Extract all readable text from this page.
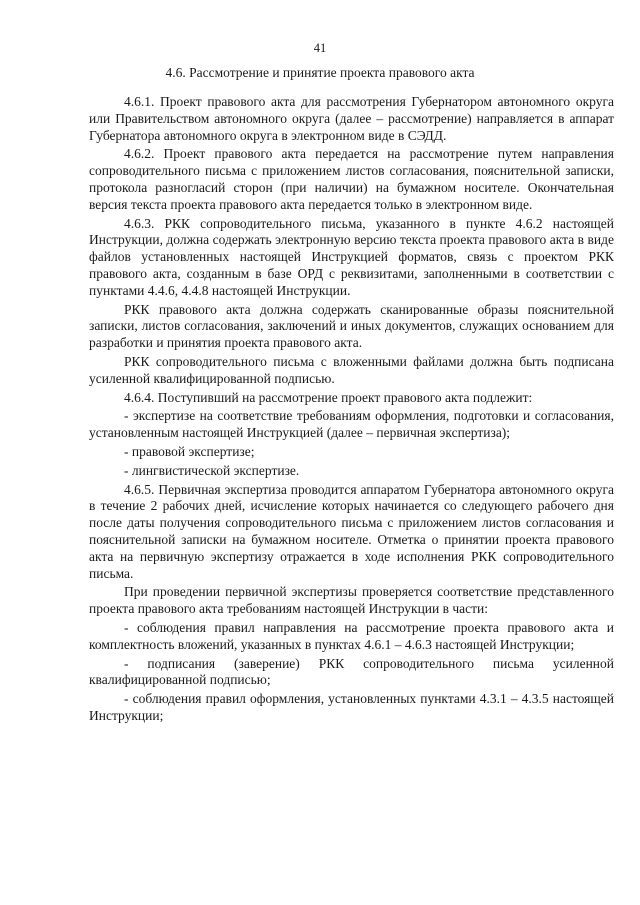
41
4.6. Рассмотрение и принятие проекта правового акта

4.6.1. Проект правового акта для рассмотрения Губернатором автономного округа или Правительством автономного округа (далее – рассмотрение) направляется в аппарат Губернатора автономного округа в электронном виде в СЭДД.

4.6.2. Проект правового акта передается на рассмотрение путем направления сопроводительного письма с приложением листов согласования, пояснительной записки, протокола разногласий сторон (при наличии) на бумажном носителе. Окончательная версия текста проекта правового акта передается только в электронном виде.

4.6.3. РКК сопроводительного письма, указанного в пункте 4.6.2 настоящей Инструкции, должна содержать электронную версию текста проекта правового акта в виде файлов установленных настоящей Инструкцией форматов, связь с проектом РКК правового акта, созданным в базе ОРД с реквизитами, заполненными в соответствии с пунктами 4.4.6, 4.4.8 настоящей Инструкции.

РКК правового акта должна содержать сканированные образы пояснительной записки, листов согласования, заключений и иных документов, служащих основанием для разработки и принятия проекта правового акта.

РКК сопроводительного письма с вложенными файлами должна быть подписана усиленной квалифицированной подписью.

4.6.4. Поступивший на рассмотрение проект правового акта подлежит:

- экспертизе на соответствие требованиям оформления, подготовки и согласования, установленным настоящей Инструкцией (далее – первичная экспертиза);

- правовой экспертизе;

- лингвистической экспертизе.

4.6.5. Первичная экспертиза проводится аппаратом Губернатора автономного округа в течение 2 рабочих дней, исчисление которых начинается со следующего рабочего дня после даты получения сопроводительного письма с приложением листов согласования и пояснительной записки на бумажном носителе. Отметка о принятии проекта правового акта на первичную экспертизу отражается в ходе исполнения РКК сопроводительного письма.

При проведении первичной экспертизы проверяется соответствие представленного проекта правового акта требованиям настоящей Инструкции в части:

- соблюдения правил направления на рассмотрение проекта правового акта и комплектность вложений, указанных в пунктах 4.6.1 – 4.6.3 настоящей Инструкции;

- подписания (заверение) РКК сопроводительного письма усиленной квалифицированной подписью;

- соблюдения правил оформления, установленных пунктами 4.3.1 – 4.3.5 настоящей Инструкции;
